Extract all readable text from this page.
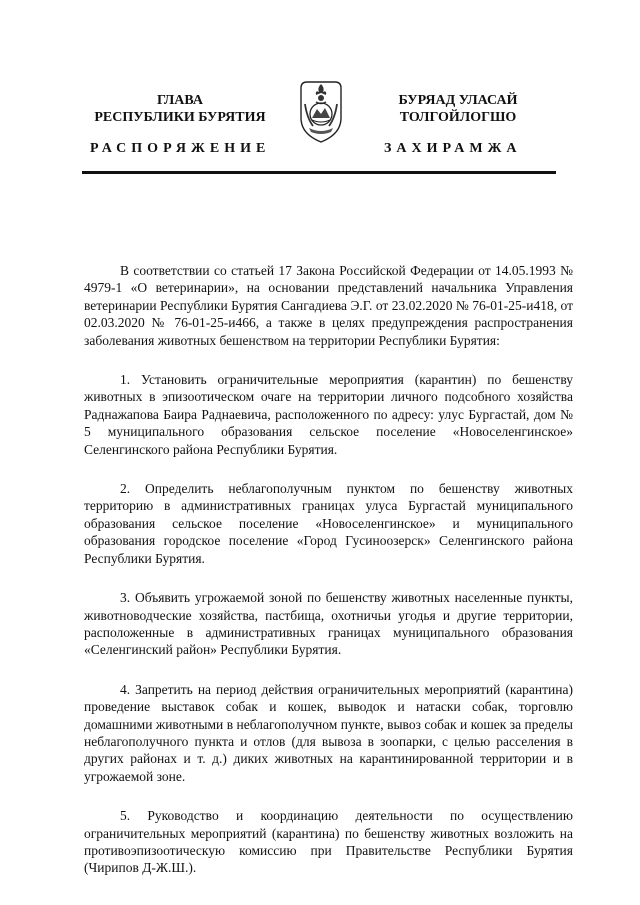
ГЛАВА
РЕСПУБЛИКИ БУРЯТИЯ
БУРЯАД УЛАСАЙ
ТОЛГОЙЛОГШО
РАСПОРЯЖЕНИЕ	ЗАХИРАМЖА

В соответствии со статьей 17 Закона Российской Федерации от 14.05.1993 № 4979-1 «О ветеринарии», на основании представлений начальника Управления ветеринарии Республики Бурятия Сангадиева Э.Г. от 23.02.2020 № 76-01-25-и418, от 02.03.2020 № 76-01-25-и466, а также в целях предупреждения распространения заболевания животных бешенством на территории Республики Бурятия:

1. Установить ограничительные мероприятия (карантин) по бешенству животных в эпизоотическом очаге на территории личного подсобного хозяйства Раднажапова Баира Раднаевича, расположенного по адресу: улус Бургастай, дом № 5 муниципального образования сельское поселение «Новоселенгинское» Селенгинского района Республики Бурятия.

2. Определить неблагополучным пунктом по бешенству животных территорию в административных границах улуса Бургастай муниципального образования сельское поселение «Новоселенгинское» и муниципального образования городское поселение «Город Гусиноозерск» Селенгинского района Республики Бурятия.

3. Объявить угрожаемой зоной по бешенству животных населенные пункты, животноводческие хозяйства, пастбища, охотничьи угодья и другие территории, расположенные в административных границах муниципального образования «Селенгинский район» Республики Бурятия.

4. Запретить на период действия ограничительных мероприятий (карантина) проведение выставок собак и кошек, выводок и натаски собак, торговлю домашними животными в неблагополучном пункте, вывоз собак и кошек за пределы неблагополучного пункта и отлов (для вывоза в зоопарки, с целью расселения в других районах и т. д.) диких животных на карантинированной территории и в угрожаемой зоне.

5. Руководство и координацию деятельности по осуществлению ограничительных мероприятий (карантина) по бешенству животных возложить на противоэпизоотическую комиссию при Правительстве Республики Бурятия (Чирипов Д-Ж.Ш.).
